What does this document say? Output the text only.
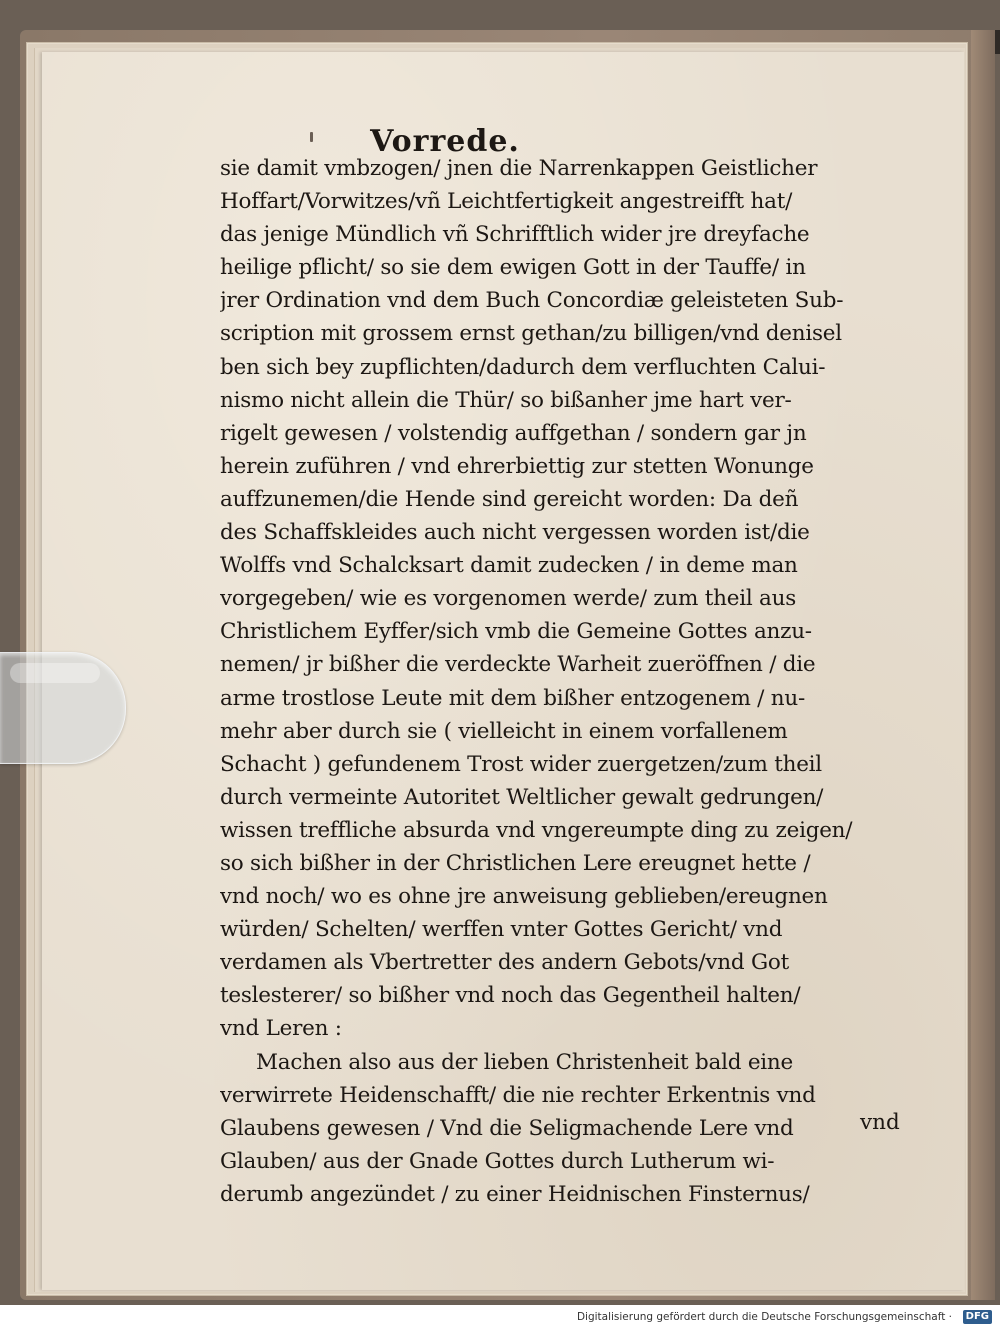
Vorrede.
sie damit vmbzogen/ jnen die Narrenkappen Geistlicher
Hoffart/Vorwitzes/vñ Leichtfertigkeit angestreifft hat/
das jenige Mündlich vñ Schrifftlich wider jre dreyfache
heilige pflicht/ so sie dem ewigen Gott in der Tauffe/ in
jrer Ordination vnd dem Buch Concordiæ geleisteten Sub-
scription mit grossem ernst gethan/zu billigen/vnd denisel
ben sich bey zupflichten/dadurch dem verfluchten Calui-
nismo nicht allein die Thür/ so bißanher jme hart ver-
rigelt gewesen / volstendig auffgethan / sondern gar jn
herein zuführen / vnd ehrerbiettig zur stetten Wonunge
auffzunemen/die Hende sind gereicht worden: Da deñ
des Schaffskleides auch nicht vergessen worden ist/die
Wolffs vnd Schalcksart damit zudecken / in deme man
vorgegeben/ wie es vorgenomen werde/ zum theil aus
Christlichem Eyffer/sich vmb die Gemeine Gottes anzu-
nemen/ jr bißher die verdeckte Warheit zueröffnen / die
arme trostlose Leute mit dem bißher entzogenem / nu-
mehr aber durch sie ( vielleicht in einem vorfallenem
Schacht ) gefundenem Trost wider zuergetzen/zum theil
durch vermeinte Autoritet Weltlicher gewalt gedrungen/
wissen treffliche absurda vnd vngereumpte ding zu zeigen/
so sich bißher in der Christlichen Lere ereugnet hette /
vnd noch/ wo es ohne jre anweisung geblieben/ereugnen
würden/ Schelten/ werffen vnter Gottes Gericht/ vnd
verdamen als Vbertretter des andern Gebots/vnd Got
teslesterer/ so bißher vnd noch das Gegentheil halten/
vnd Leren :
Machen also aus der lieben Christenheit bald eine
verwirrete Heidenschafft/ die nie rechter Erkentnis vnd
Glaubens gewesen / Vnd die Seligmachende Lere vnd
Glauben/ aus der Gnade Gottes durch Lutherum wi-
derumb angezündet / zu einer Heidnischen Finsternus/
vnd
Digitalisierung gefördert durch die Deutsche Forschungsgemeinschaft ·	DFG
